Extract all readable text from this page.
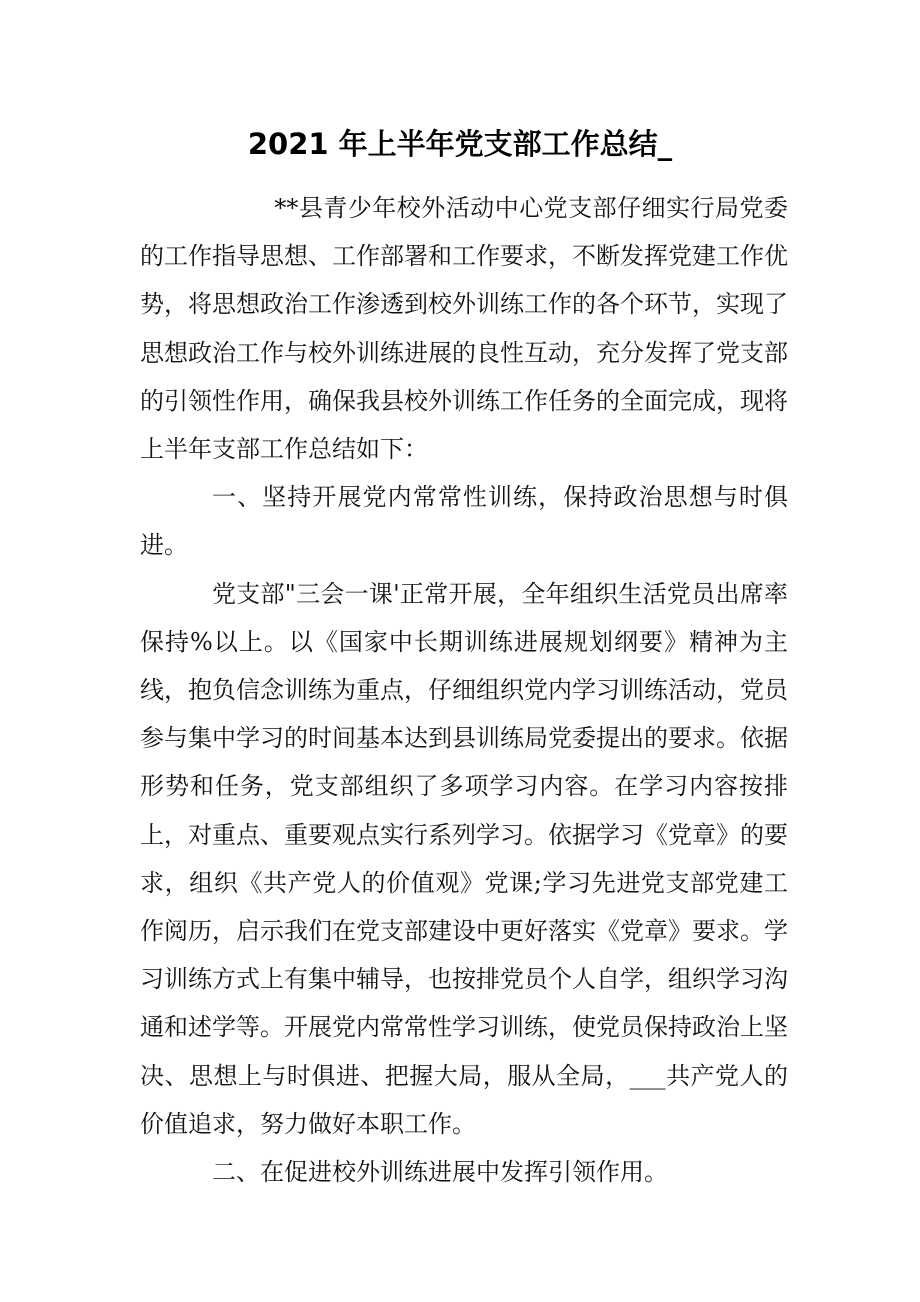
2021 年上半年党支部工作总结_

**县青少年校外活动中心党支部仔细实行局党委的工作指导思想、工作部署和工作要求，不断发挥党建工作优势，将思想政治工作渗透到校外训练工作的各个环节，实现了思想政治工作与校外训练进展的良性互动，充分发挥了党支部的引领性作用，确保我县校外训练工作任务的全面完成，现将上半年支部工作总结如下：

一、坚持开展党内常常性训练，保持政治思想与时俱进。

党支部"三会一课'正常开展，全年组织生活党员出席率保持%以上。以《国家中长期训练进展规划纲要》精神为主线，抱负信念训练为重点，仔细组织党内学习训练活动，党员参与集中学习的时间基本达到县训练局党委提出的要求。依据形势和任务，党支部组织了多项学习内容。在学习内容按排上，对重点、重要观点实行系列学习。依据学习《党章》的要求，组织《共产党人的价值观》党课;学习先进党支部党建工作阅历，启示我们在党支部建设中更好落实《党章》要求。学习训练方式上有集中辅导，也按排党员个人自学，组织学习沟通和述学等。开展党内常常性学习训练，使党员保持政治上坚决、思想上与时俱进、把握大局，服从全局，___共产党人的价值追求，努力做好本职工作。

二、在促进校外训练进展中发挥引领作用。
